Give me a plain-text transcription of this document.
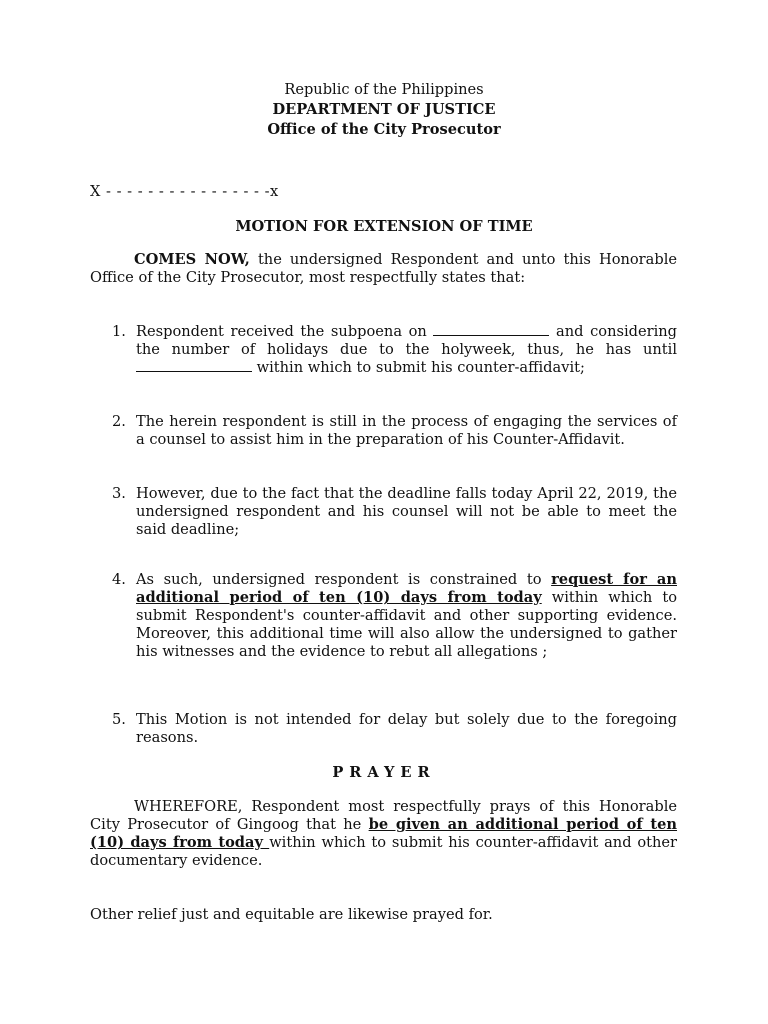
Republic of the Philippines
DEPARTMENT OF JUSTICE
Office of the City Prosecutor
X - - - - - - - - - - - - - - - -x
MOTION FOR EXTENSION OF TIME
COMES NOW, the undersigned Respondent and unto this Honorable Office of the City Prosecutor, most respectfully states that:
1. Respondent received the subpoena on	and considering the number of holidays due to the holyweek, thus, he has until  within which to submit his counter-affidavit;
2. The herein respondent is still in the process of engaging the services of a counsel to assist him in the preparation of his Counter-Affidavit.
3. However, due to the fact that the deadline falls today April 22, 2019, the undersigned respondent and his counsel will not be able to meet the said deadline;
4. As such, undersigned respondent is constrained to request for an additional period of ten (10) days from today within which to submit Respondent's counter-affidavit and other supporting evidence. Moreover, this additional time will also allow the undersigned to gather his witnesses and the evidence to rebut all allegations ;
5. This Motion is not intended for delay but solely due to the foregoing reasons.
PRAYER
WHEREFORE, Respondent most respectfully prays of this Honorable City Prosecutor of Gingoog that he be given an additional period of ten (10) days from today within which to submit his counter-affidavit and other documentary evidence.
Other relief just and equitable are likewise prayed for.
